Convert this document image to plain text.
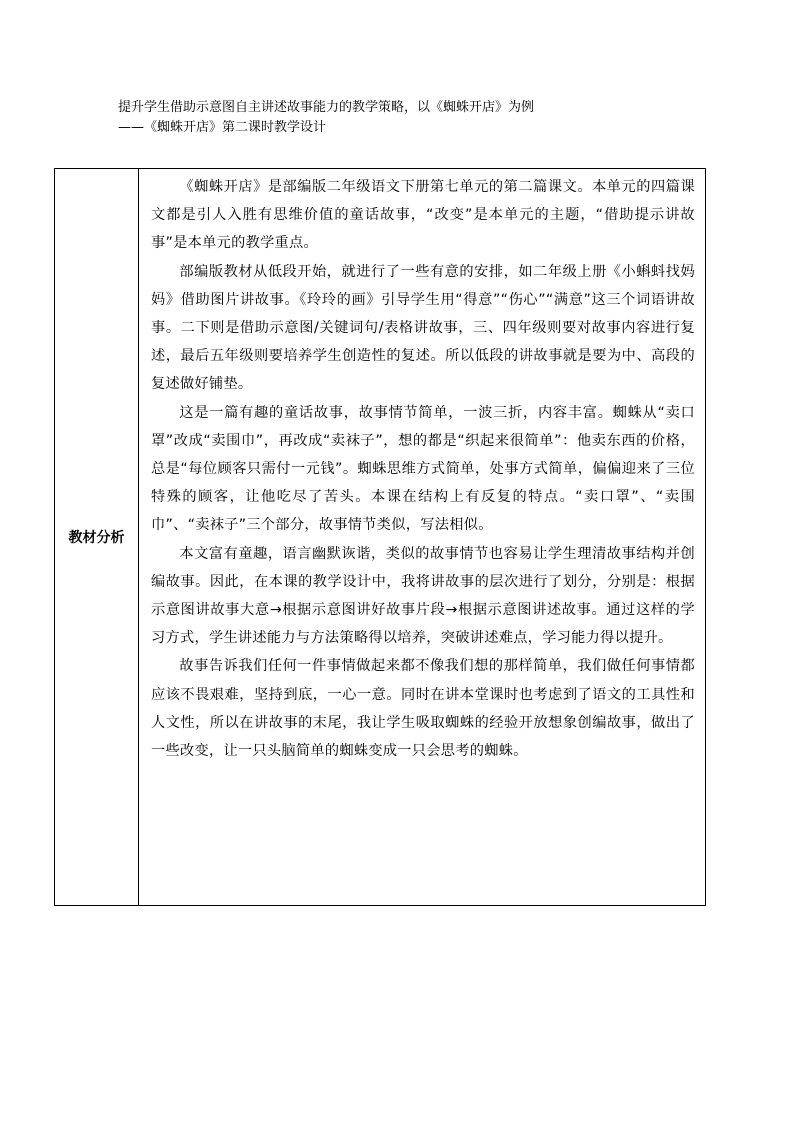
提升学生借助示意图自主讲述故事能力的教学策略，以《蜘蛛开店》为例
——《蜘蛛开店》第二课时教学设计
教材分析	

《蜘蛛开店》是部编版二年级语文下册第七单元的第二篇课文。本单元的四篇课文都是引人入胜有思维价值的童话故事，“改变”是本单元的主题，“借助提示讲故事”是本单元的教学重点。

部编版教材从低段开始，就进行了一些有意的安排，如二年级上册《小蝌蚪找妈妈》借助图片讲故事。《玲玲的画》引导学生用“得意”“伤心”“满意”这三个词语讲故事。二下则是借助示意图/关键词句/表格讲故事，三、四年级则要对故事内容进行复述，最后五年级则要培养学生创造性的复述。所以低段的讲故事就是要为中、高段的复述做好铺垫。

这是一篇有趣的童话故事，故事情节简单，一波三折，内容丰富。蜘蛛从“卖口罩”改成“卖围巾”，再改成“卖袜子”，想的都是“织起来很简单”：他卖东西的价格，总是“每位顾客只需付一元钱”。蜘蛛思维方式简单，处事方式简单，偏偏迎来了三位特殊的顾客，让他吃尽了苦头。本课在结构上有反复的特点。“卖口罩”、“卖围巾”、“卖袜子”三个部分，故事情节类似，写法相似。

本文富有童趣，语言幽默诙谐，类似的故事情节也容易让学生理清故事结构并创编故事。因此，在本课的教学设计中，我将讲故事的层次进行了划分，分别是：根据示意图讲故事大意→根据示意图讲好故事片段→根据示意图讲述故事。通过这样的学习方式，学生讲述能力与方法策略得以培养，突破讲述难点，学习能力得以提升。

故事告诉我们任何一件事情做起来都不像我们想的那样简单，我们做任何事情都应该不畏艰难，坚持到底，一心一意。同时在讲本堂课时也考虑到了语文的工具性和人文性，所以在讲故事的末尾，我让学生吸取蜘蛛的经验开放想象创编故事，做出了一些改变，让一只头脑简单的蜘蛛变成一只会思考的蜘蛛。
